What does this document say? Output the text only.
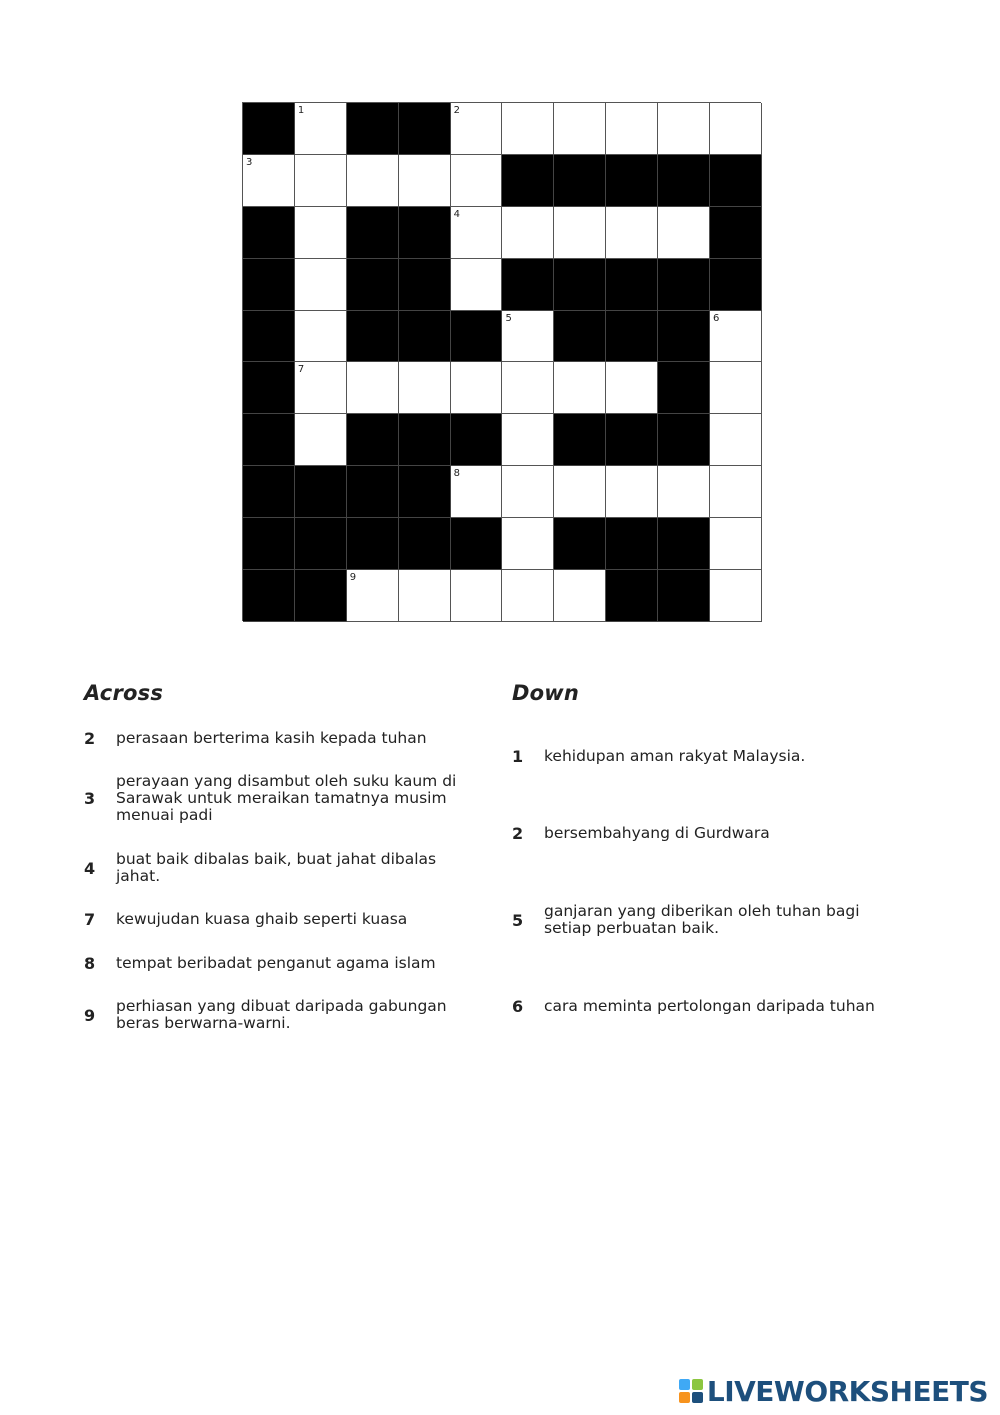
1	2
3
4
5	6
7
8
9
Across	Down
2	perasaan berterima kasih kepada tuhan
3
perayaan yang disambut oleh suku kaum di Sarawak untuk meraikan tamatnya musim menuai padi
4	buat baik dibalas baik, buat jahat dibalas jahat.
7	kewujudan kuasa ghaib seperti kuasa
8	tempat beribadat penganut agama islam
9	perhiasan yang dibuat daripada gabungan beras berwarna-warni.
1	kehidupan aman rakyat Malaysia.
2	bersembahyang di Gurdwara
5	ganjaran yang diberikan oleh tuhan bagi setiap perbuatan baik.
6	cara meminta pertolongan daripada tuhan
LIVEWORKSHEETS
